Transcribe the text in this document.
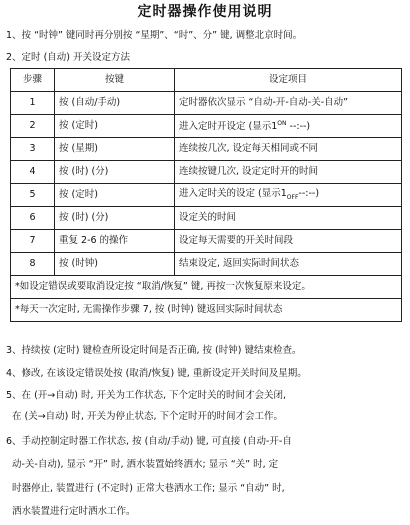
定时器操作使用说明
1、按 “时钟” 键同时再分别按 “星期”、“时”、分” 键, 调整北京时间。
2、定时 (自动) 开关设定方法
步骤	按键	设定项目
1	按 (自动/手动)	定时器依次显示 “自动-开-自动-关-自动”
2	按 (定时)	进入定时开设定 (显示$1^{ON}$ --:--)
3	按 (星期)	连续按几次, 设定每天相同或不同
4	按 (时) (分)	连续按键几次, 设定定时开的时间
5	按 (定时)	进入定时关的设定 (显示$1_{OFF}--:--$)
6	按 (时) (分)	设定关的时间
7	重复 2-6 的操作	设定每天需要的开关时间段
8	按 (时钟)	结束设定, 返回实际时间状态
*如设定错误或要取消设定按 “取消/恢复” 键, 再按一次恢复原来设定。		
*每天一次定时, 无需操作步骤 7, 按 (时钟) 键返回实际时间状态		
3、持续按 (定时) 键检查所设定时间是否正确, 按 (时钟) 键结束检查。
4、修改, 在该设定错误处按 (取消/恢复) 键, 重新设定开关时间及星期。
5、在 (开→自动) 时, 开关为工作状态, 下个定时关的时间才会关闭,
在 (关→自动) 时, 开关为停止状态, 下个定时开的时间才会工作。
6、手动控制定时器工作状态, 按 (自动/手动) 键, 可直接 (自动-开-自
动-关-自动), 显示 “开” 时, 洒水装置始终洒水; 显示 “关” 时, 定
时器停止, 装置进行 (不定时) 正常大巷洒水工作; 显示 “自动” 时,
洒水装置进行定时洒水工作。
